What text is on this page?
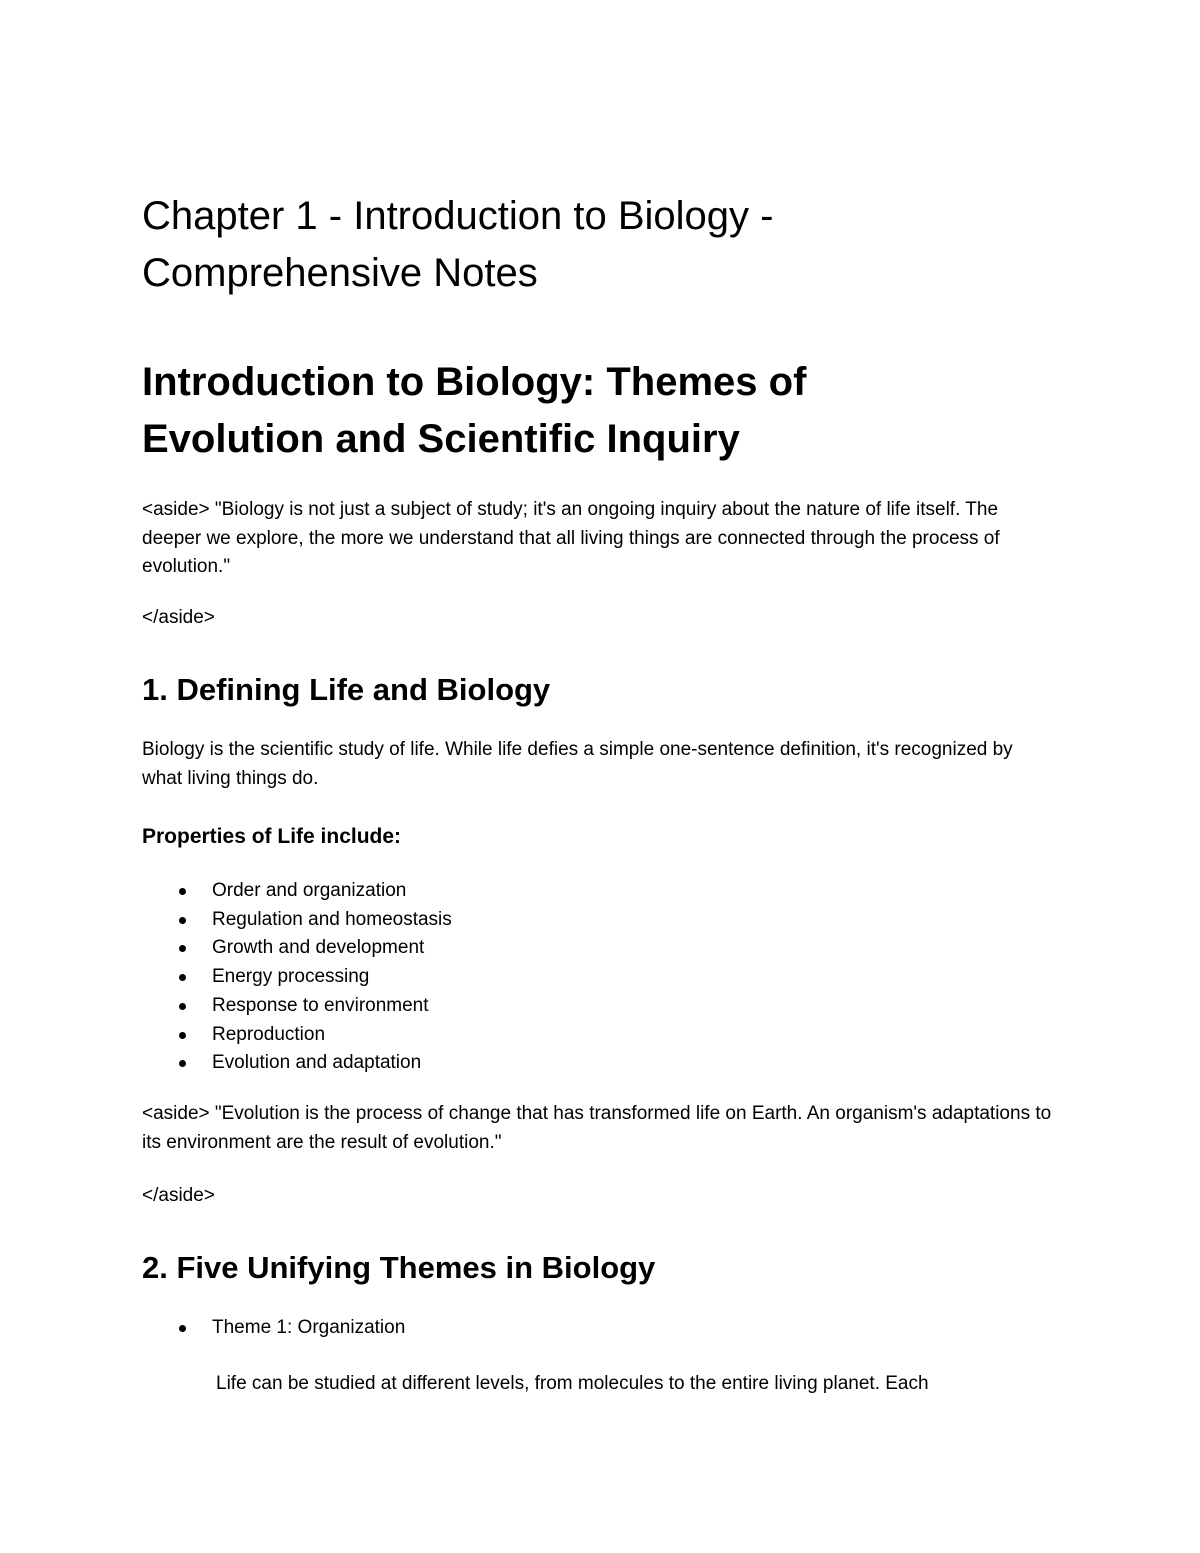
Chapter 1 - Introduction to Biology -
Comprehensive Notes
Introduction to Biology: Themes of
Evolution and Scientific Inquiry

<aside> "Biology is not just a subject of study; it's an ongoing inquiry about the nature of life itself. The deeper we explore, the more we understand that all living things are connected through the process of evolution."

</aside>

1. Defining Life and Biology

Biology is the scientific study of life. While life defies a simple one-sentence definition, it's recognized by what living things do.

Properties of Life include:

Order and organization
Regulation and homeostasis
Growth and development
Energy processing
Response to environment
Reproduction
Evolution and adaptation

<aside> "Evolution is the process of change that has transformed life on Earth. An organism's adaptations to its environment are the result of evolution."

</aside>

2. Five Unifying Themes in Biology
Theme 1: Organization

Life can be studied at different levels, from molecules to the entire living planet. Each
